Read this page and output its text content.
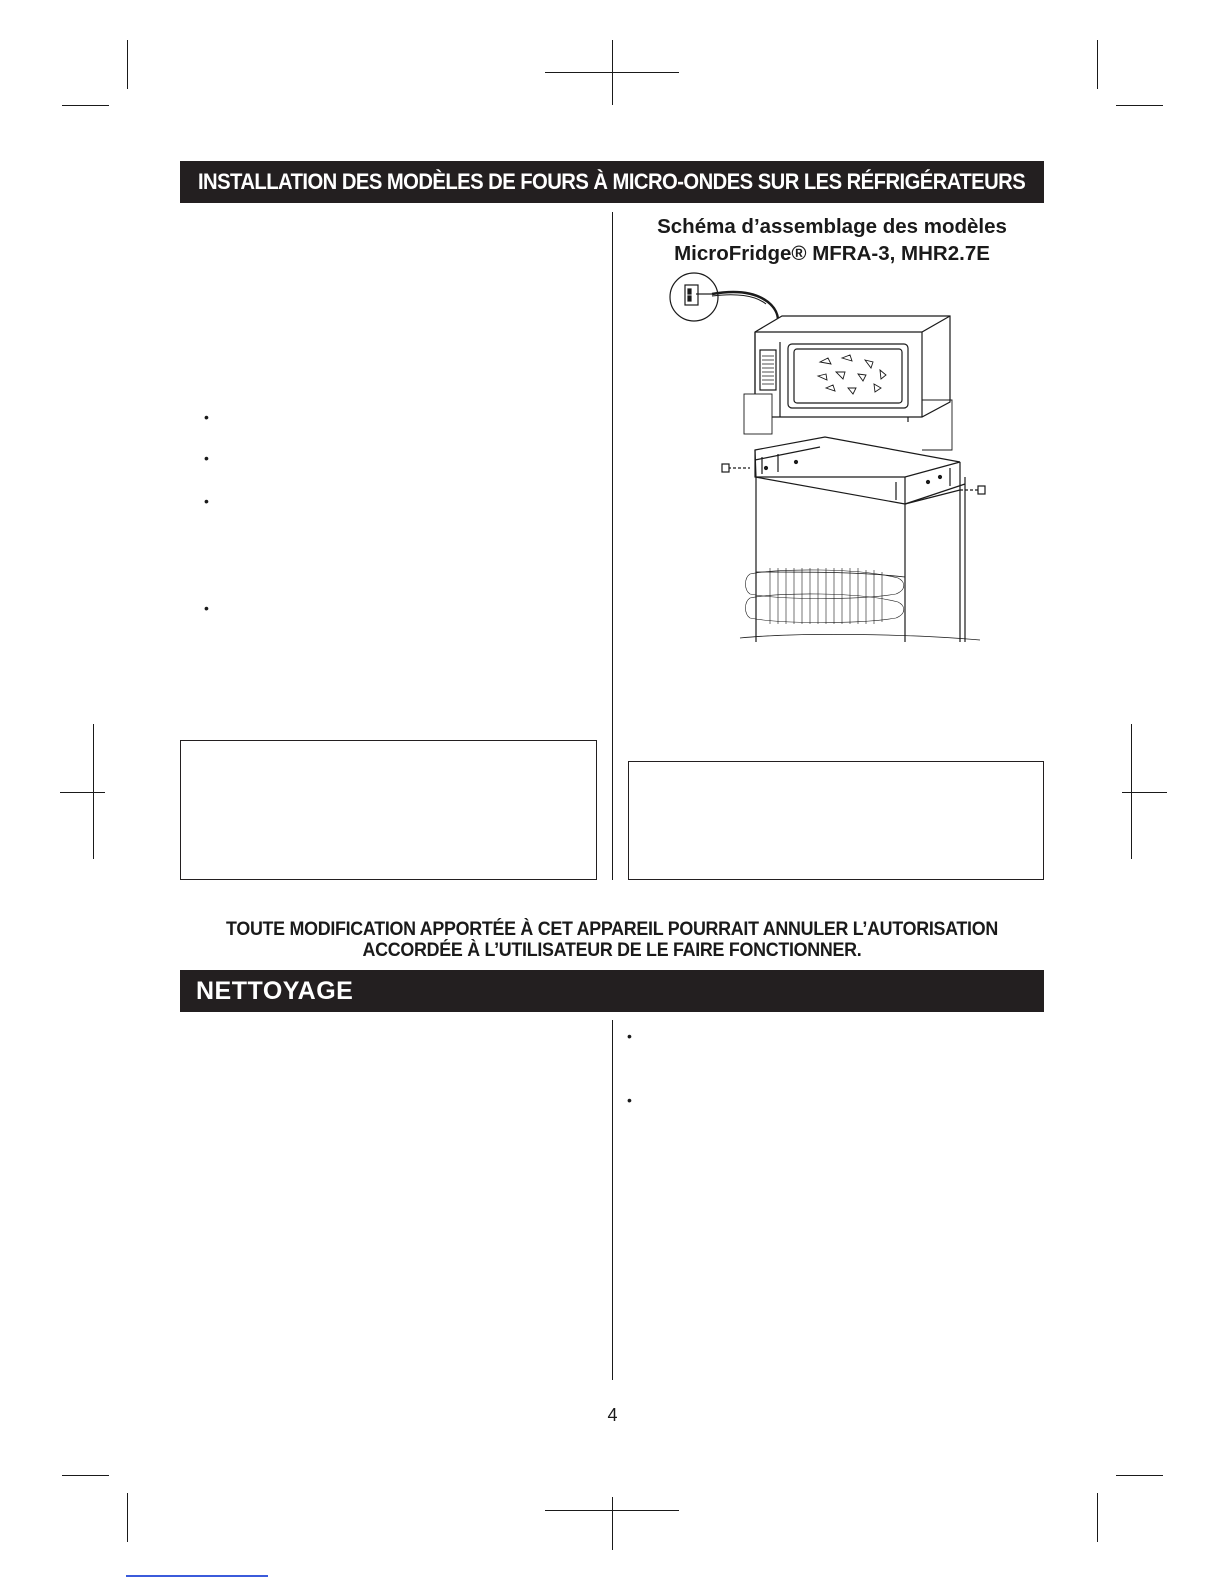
INSTALLATION DES MODÈLES DE FOURS À MICRO-ONDES SUR LES RÉFRIGÉRATEURS
•
•
•
•
Schéma d’assemblage des modèles
MicroFridge® MFRA-3, MHR2.7E
TOUTE MODIFICATION APPORTÉE À CET APPAREIL POURRAIT ANNULER L’AUTORISATION
ACCORDÉE À L’UTILISATEUR DE LE FAIRE FONCTIONNER.
NETTOYAGE
•
•
4
